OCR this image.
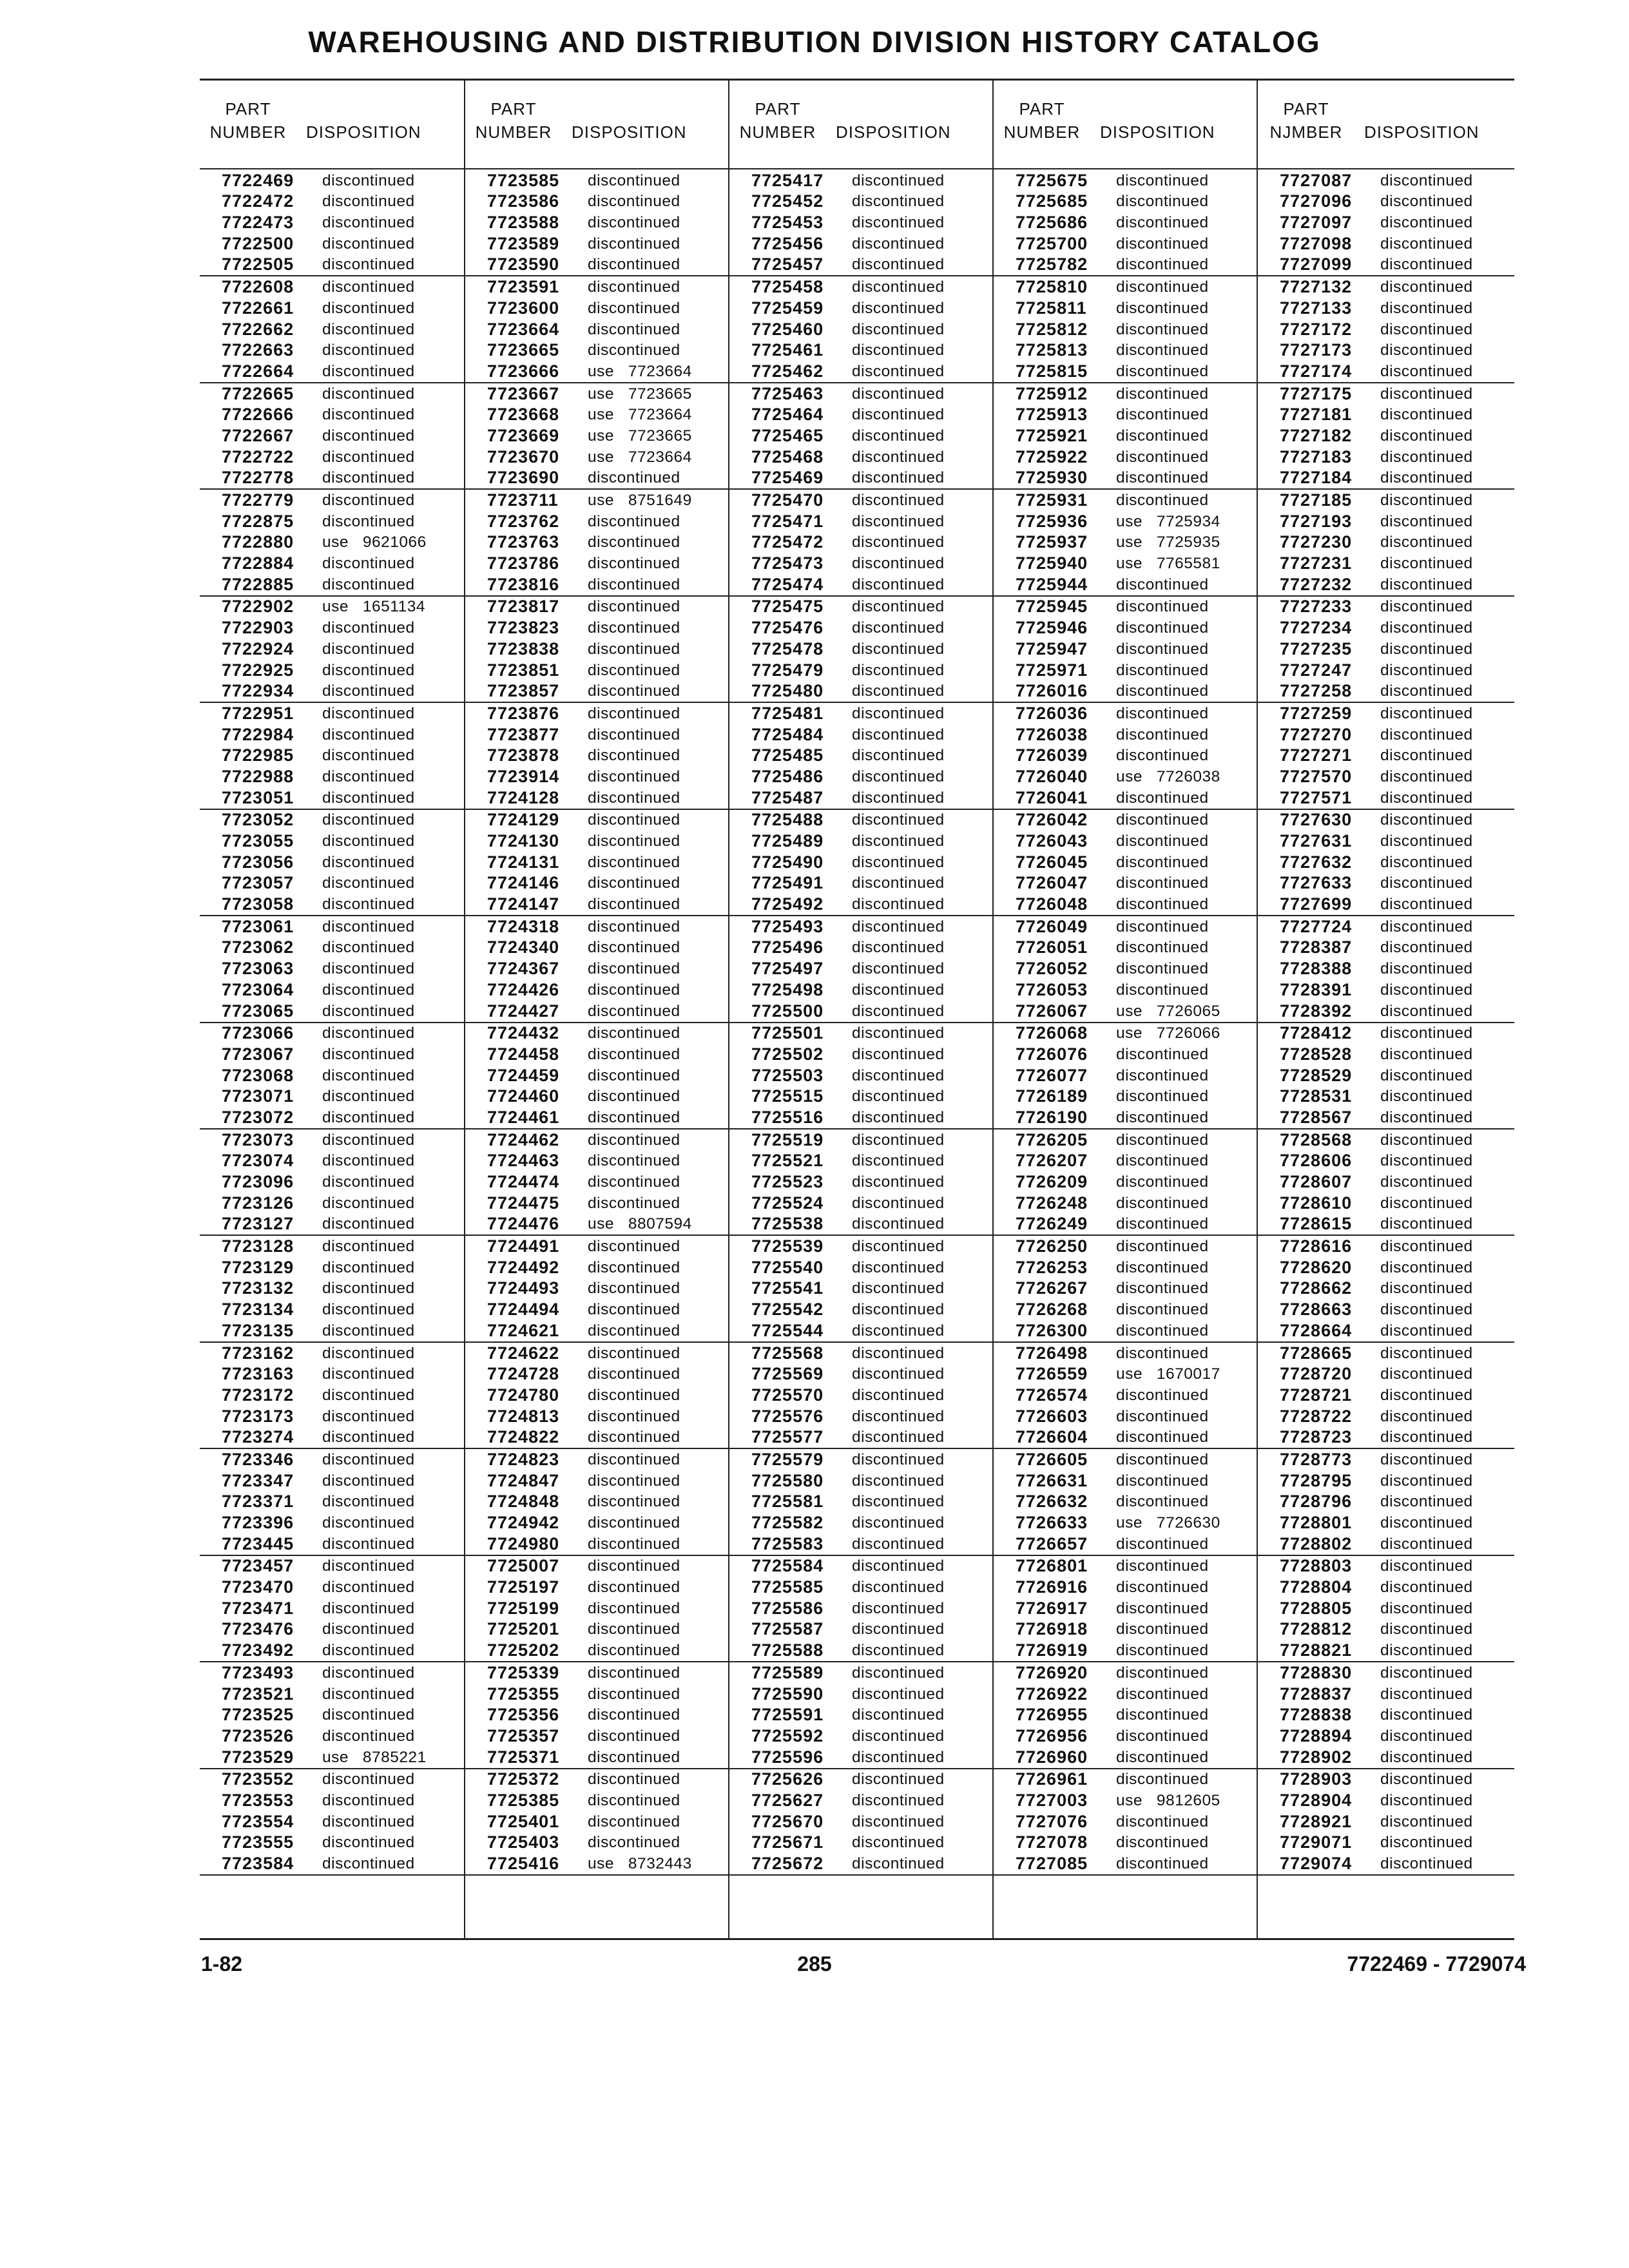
WAREHOUSING AND DISTRIBUTION DIVISION HISTORY CATALOG
PART
NUMBER	DISPOSITION
7722469 discontinued
7722472 discontinued
7722473 discontinued
7722500 discontinued
7722505 discontinued
7722608 discontinued
7722661 discontinued
7722662 discontinued
7722663 discontinued
7722664 discontinued
7722665 discontinued
7722666 discontinued
7722667 discontinued
7722722 discontinued
7722778 discontinued
7722779 discontinued
7722875 discontinued
7722880 use   9621066
7722884 discontinued
7722885 discontinued
7722902 use   1651134
7722903 discontinued
7722924 discontinued
7722925 discontinued
7722934 discontinued
7722951 discontinued
7722984 discontinued
7722985 discontinued
7722988 discontinued
7723051 discontinued
7723052 discontinued
7723055 discontinued
7723056 discontinued
7723057 discontinued
7723058 discontinued
7723061 discontinued
7723062 discontinued
7723063 discontinued
7723064 discontinued
7723065 discontinued
7723066 discontinued
7723067 discontinued
7723068 discontinued
7723071 discontinued
7723072 discontinued
7723073 discontinued
7723074 discontinued
7723096 discontinued
7723126 discontinued
7723127 discontinued
7723128 discontinued
7723129 discontinued
7723132 discontinued
7723134 discontinued
7723135 discontinued
7723162 discontinued
7723163 discontinued
7723172 discontinued
7723173 discontinued
7723274 discontinued
7723346 discontinued
7723347 discontinued
7723371 discontinued
7723396 discontinued
7723445 discontinued
7723457 discontinued
7723470 discontinued
7723471 discontinued
7723476 discontinued
7723492 discontinued
7723493 discontinued
7723521 discontinued
7723525 discontinued
7723526 discontinued
7723529 use   8785221
7723552 discontinued
7723553 discontinued
7723554 discontinued
7723555 discontinued
7723584 discontinued
PART
NUMBER	DISPOSITION
7723585 discontinued
7723586 discontinued
7723588 discontinued
7723589 discontinued
7723590 discontinued
7723591 discontinued
7723600 discontinued
7723664 discontinued
7723665 discontinued
7723666 use   7723664
7723667 use   7723665
7723668 use   7723664
7723669 use   7723665
7723670 use   7723664
7723690 discontinued
7723711 use   8751649
7723762 discontinued
7723763 discontinued
7723786 discontinued
7723816 discontinued
7723817 discontinued
7723823 discontinued
7723838 discontinued
7723851 discontinued
7723857 discontinued
7723876 discontinued
7723877 discontinued
7723878 discontinued
7723914 discontinued
7724128 discontinued
7724129 discontinued
7724130 discontinued
7724131 discontinued
7724146 discontinued
7724147 discontinued
7724318 discontinued
7724340 discontinued
7724367 discontinued
7724426 discontinued
7724427 discontinued
7724432 discontinued
7724458 discontinued
7724459 discontinued
7724460 discontinued
7724461 discontinued
7724462 discontinued
7724463 discontinued
7724474 discontinued
7724475 discontinued
7724476 use   8807594
7724491 discontinued
7724492 discontinued
7724493 discontinued
7724494 discontinued
7724621 discontinued
7724622 discontinued
7724728 discontinued
7724780 discontinued
7724813 discontinued
7724822 discontinued
7724823 discontinued
7724847 discontinued
7724848 discontinued
7724942 discontinued
7724980 discontinued
7725007 discontinued
7725197 discontinued
7725199 discontinued
7725201 discontinued
7725202 discontinued
7725339 discontinued
7725355 discontinued
7725356 discontinued
7725357 discontinued
7725371 discontinued
7725372 discontinued
7725385 discontinued
7725401 discontinued
7725403 discontinued
7725416 use   8732443
PART
NUMBER	DISPOSITION
7725417 discontinued
7725452 discontinued
7725453 discontinued
7725456 discontinued
7725457 discontinued
7725458 discontinued
7725459 discontinued
7725460 discontinued
7725461 discontinued
7725462 discontinued
7725463 discontinued
7725464 discontinued
7725465 discontinued
7725468 discontinued
7725469 discontinued
7725470 discontinued
7725471 discontinued
7725472 discontinued
7725473 discontinued
7725474 discontinued
7725475 discontinued
7725476 discontinued
7725478 discontinued
7725479 discontinued
7725480 discontinued
7725481 discontinued
7725484 discontinued
7725485 discontinued
7725486 discontinued
7725487 discontinued
7725488 discontinued
7725489 discontinued
7725490 discontinued
7725491 discontinued
7725492 discontinued
7725493 discontinued
7725496 discontinued
7725497 discontinued
7725498 discontinued
7725500 discontinued
7725501 discontinued
7725502 discontinued
7725503 discontinued
7725515 discontinued
7725516 discontinued
7725519 discontinued
7725521 discontinued
7725523 discontinued
7725524 discontinued
7725538 discontinued
7725539 discontinued
7725540 discontinued
7725541 discontinued
7725542 discontinued
7725544 discontinued
7725568 discontinued
7725569 discontinued
7725570 discontinued
7725576 discontinued
7725577 discontinued
7725579 discontinued
7725580 discontinued
7725581 discontinued
7725582 discontinued
7725583 discontinued
7725584 discontinued
7725585 discontinued
7725586 discontinued
7725587 discontinued
7725588 discontinued
7725589 discontinued
7725590 discontinued
7725591 discontinued
7725592 discontinued
7725596 discontinued
7725626 discontinued
7725627 discontinued
7725670 discontinued
7725671 discontinued
7725672 discontinued
PART
NUMBER	DISPOSITION
7725675 discontinued
7725685 discontinued
7725686 discontinued
7725700 discontinued
7725782 discontinued
7725810 discontinued
7725811 discontinued
7725812 discontinued
7725813 discontinued
7725815 discontinued
7725912 discontinued
7725913 discontinued
7725921 discontinued
7725922 discontinued
7725930 discontinued
7725931 discontinued
7725936 use   7725934
7725937 use   7725935
7725940 use   7765581
7725944 discontinued
7725945 discontinued
7725946 discontinued
7725947 discontinued
7725971 discontinued
7726016 discontinued
7726036 discontinued
7726038 discontinued
7726039 discontinued
7726040 use   7726038
7726041 discontinued
7726042 discontinued
7726043 discontinued
7726045 discontinued
7726047 discontinued
7726048 discontinued
7726049 discontinued
7726051 discontinued
7726052 discontinued
7726053 discontinued
7726067 use   7726065
7726068 use   7726066
7726076 discontinued
7726077 discontinued
7726189 discontinued
7726190 discontinued
7726205 discontinued
7726207 discontinued
7726209 discontinued
7726248 discontinued
7726249 discontinued
7726250 discontinued
7726253 discontinued
7726267 discontinued
7726268 discontinued
7726300 discontinued
7726498 discontinued
7726559 use   1670017
7726574 discontinued
7726603 discontinued
7726604 discontinued
7726605 discontinued
7726631 discontinued
7726632 discontinued
7726633 use   7726630
7726657 discontinued
7726801 discontinued
7726916 discontinued
7726917 discontinued
7726918 discontinued
7726919 discontinued
7726920 discontinued
7726922 discontinued
7726955 discontinued
7726956 discontinued
7726960 discontinued
7726961 discontinued
7727003 use   9812605
7727076 discontinued
7727078 discontinued
7727085 discontinued
PART
NJMBER	DISPOSITION
7727087 discontinued
7727096 discontinued
7727097 discontinued
7727098 discontinued
7727099 discontinued
7727132 discontinued
7727133 discontinued
7727172 discontinued
7727173 discontinued
7727174 discontinued
7727175 discontinued
7727181 discontinued
7727182 discontinued
7727183 discontinued
7727184 discontinued
7727185 discontinued
7727193 discontinued
7727230 discontinued
7727231 discontinued
7727232 discontinued
7727233 discontinued
7727234 discontinued
7727235 discontinued
7727247 discontinued
7727258 discontinued
7727259 discontinued
7727270 discontinued
7727271 discontinued
7727570 discontinued
7727571 discontinued
7727630 discontinued
7727631 discontinued
7727632 discontinued
7727633 discontinued
7727699 discontinued
7727724 discontinued
7728387 discontinued
7728388 discontinued
7728391 discontinued
7728392 discontinued
7728412 discontinued
7728528 discontinued
7728529 discontinued
7728531 discontinued
7728567 discontinued
7728568 discontinued
7728606 discontinued
7728607 discontinued
7728610 discontinued
7728615 discontinued
7728616 discontinued
7728620 discontinued
7728662 discontinued
7728663 discontinued
7728664 discontinued
7728665 discontinued
7728720 discontinued
7728721 discontinued
7728722 discontinued
7728723 discontinued
7728773 discontinued
7728795 discontinued
7728796 discontinued
7728801 discontinued
7728802 discontinued
7728803 discontinued
7728804 discontinued
7728805 discontinued
7728812 discontinued
7728821 discontinued
7728830 discontinued
7728837 discontinued
7728838 discontinued
7728894 discontinued
7728902 discontinued
7728903 discontinued
7728904 discontinued
7728921 discontinued
7729071 discontinued
7729074 discontinued
1-82	285	7722469 - 7729074
